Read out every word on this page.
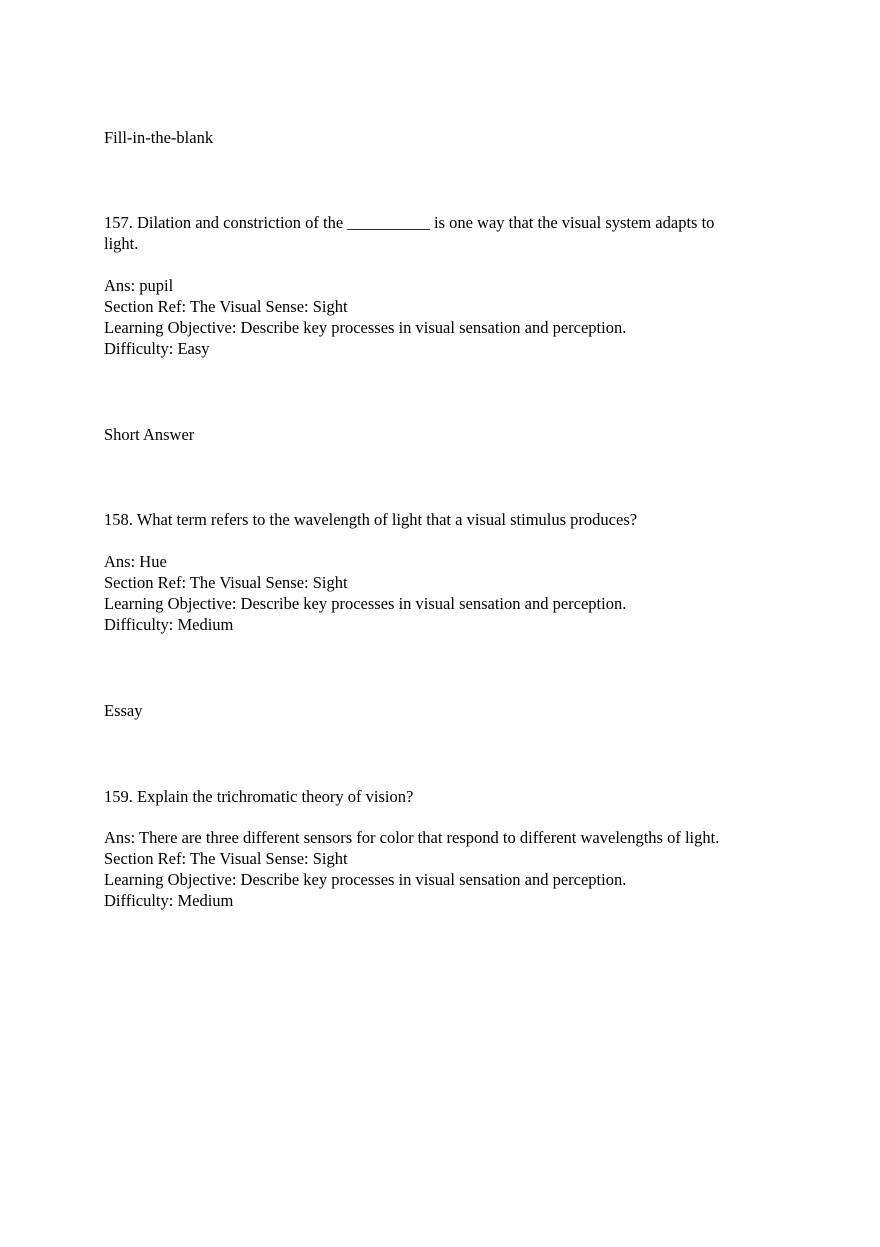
Fill-in-the-blank
157. Dilation and constriction of the __________ is one way that the visual system adapts to
light.
Ans: pupil
Section Ref: The Visual Sense: Sight
Learning Objective: Describe key processes in visual sensation and perception.
Difficulty: Easy
Short Answer
158. What term refers to the wavelength of light that a visual stimulus produces?
Ans: Hue
Section Ref: The Visual Sense: Sight
Learning Objective: Describe key processes in visual sensation and perception.
Difficulty: Medium
Essay
159. Explain the trichromatic theory of vision?
Ans: There are three different sensors for color that respond to different wavelengths of light.
Section Ref: The Visual Sense: Sight
Learning Objective: Describe key processes in visual sensation and perception.
Difficulty: Medium
